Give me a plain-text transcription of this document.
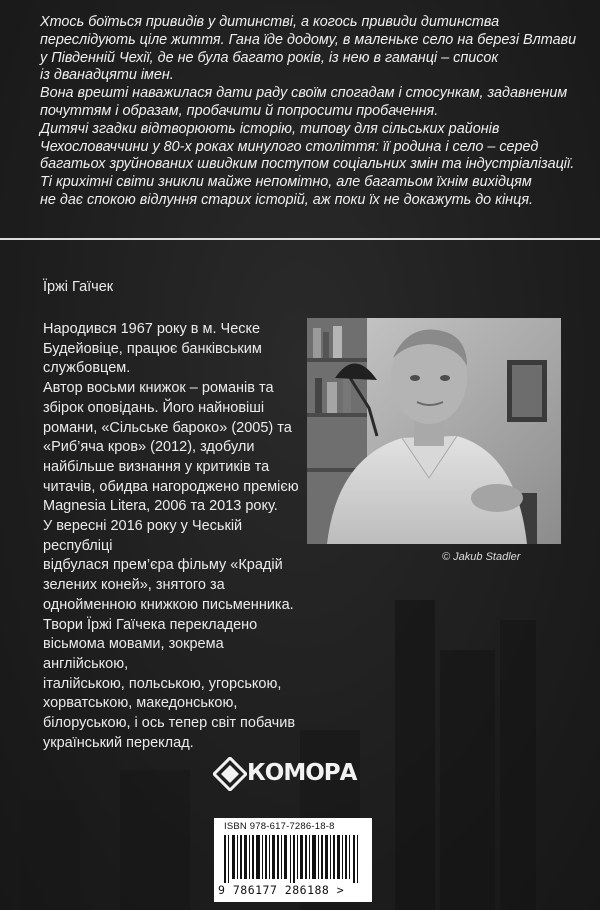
Хтось боїться привидів у дитинстві, а когось привиди дитинства

переслідують ціле життя. Гана їде додому, в маленьке село на березі Влтави

у Південній Чехії, де не була багато років, із нею в гаманці – список

із дванадцяти імен.

Вона врешті наважилася дати раду своїм спогадам і стосункам, задавненим

почуттям і образам, пробачити й попросити пробачення.

Дитячі згадки відтворюють історію, типову для сільських районів

Чехословаччини у 80-х роках минулого століття: її родина і село – серед

багатьох зруйнованих швидким поступом соціальних змін та індустріалізації.

Ті крихітні світи зникли майже непомітно, але багатьом їхнім вихідцям

не дає спокою відлуння старих історій, аж поки їх не докажуть до кінця.

Їржі Гаїчек

Народився 1967 року в м. Ческе

Будейовіце, працює банківським

службовцем.

Автор восьми книжок – романів та

збірок оповідань. Його найновіші

романи, «Сільське бароко» (2005) та

«Риб’яча кров» (2012), здобули

найбільше визнання у критиків та

читачів, обидва нагороджено премією

Magnesia Litera, 2006 та 2013 року.

У вересні 2016 року у Чеській республіці

відбулася прем’єра фільму «Крадій

зелених коней», знятого за

однойменною книжкою письменника.

Твори Їржі Гаїчека перекладено

вісьмома мовами, зокрема англійською,

італійською, польською, угорською,

хорватською, македонською,

білоруською, і ось тепер світ побачив

український переклад.

© Jakub Stadler
КОМОРА
ISBN 978-617-7286-18-8
9 786177 286188 >
